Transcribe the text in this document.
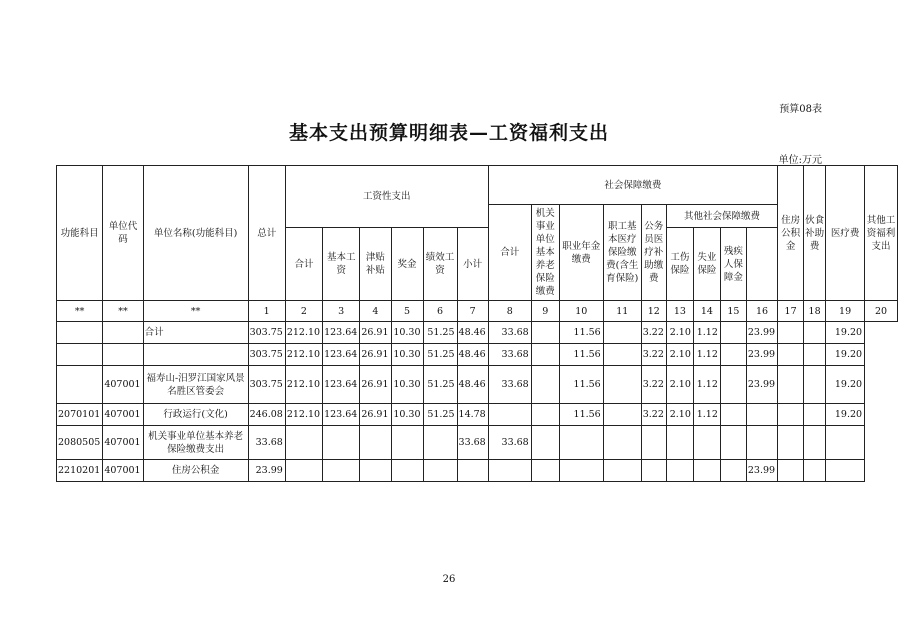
预算08表
基本支出预算明细表—工资福利支出
单位:万元
功能科目	单位代码	单位名称(功能科目)	总计	工资性支出						社会保障缴费									住房公积金	伙食补助费	医疗费	其他工资福利支出
										合计	机关事业单位基本养老保险缴费	职业年金缴费	职工基本医疗保险缴费(含生育保险)	公务员医疗补助缴费	其他社会保障缴费							
				合计	基本工资	津贴补贴	奖金	绩效工资	小计						工伤保险	失业保险	残疾人保障金					
**	**	**	1	2	3	4	5	6	7	8	9	10	11	12	13	14	15	16	17	18	19	20
		合计	303.75	212.10	123.64	26.91	10.30	51.25	48.46	33.68		11.56		3.22	2.10	1.12		23.99			19.20	
			303.75	212.10	123.64	26.91	10.30	51.25	48.46	33.68		11.56		3.22	2.10	1.12		23.99			19.20	
	407001	福寿山-汨罗江国家风景名胜区管委会	303.75	212.10	123.64	26.91	10.30	51.25	48.46	33.68		11.56		3.22	2.10	1.12		23.99			19.20	
2070101	407001	行政运行(文化)	246.08	212.10	123.64	26.91	10.30	51.25	14.78			11.56		3.22	2.10	1.12					19.20	
2080505	407001	机关事业单位基本养老保险缴费支出	33.68						33.68	33.68												
2210201	407001	住房公积金	23.99															23.99				
26
